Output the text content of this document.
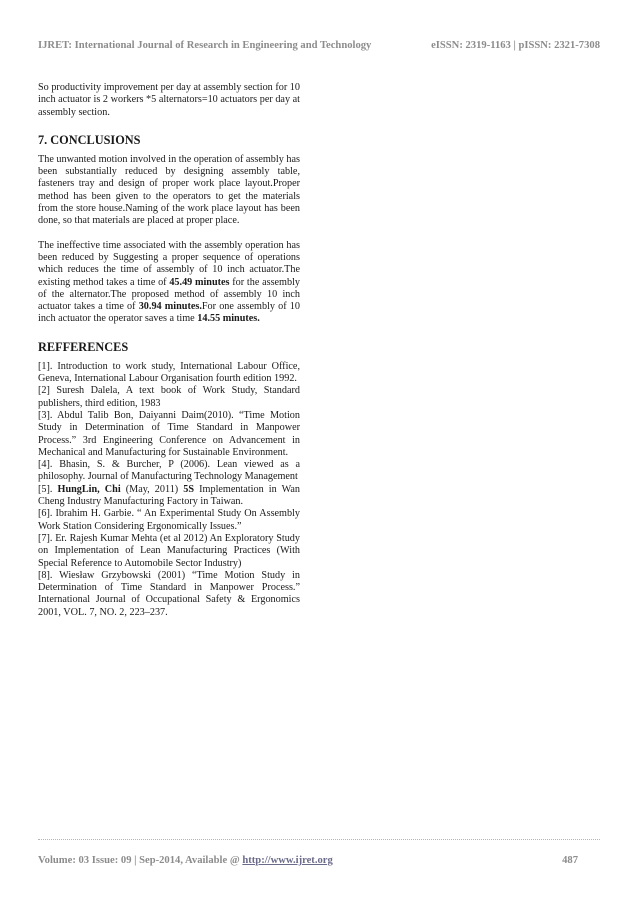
IJRET: International Journal of Research in Engineering and Technology	eISSN: 2319-1163 | pISSN: 2321-7308

So productivity improvement per day at assembly section for 10 inch actuator is 2 workers *5 alternators=10 actuators per day at assembly section.

7. CONCLUSIONS

The unwanted motion involved in the operation of assembly has been substantially reduced by designing assembly table, fasteners tray and design of proper work place layout.Proper method has been given to the operators to get the materials from the store house.Naming of the work place layout has been done, so that materials are placed at proper place.

The ineffective time associated with the assembly operation has been reduced by Suggesting a proper sequence of operations which reduces the time of assembly of 10 inch actuator.The existing method takes a time of 45.49 minutes for the assembly of the alternator.The proposed method of assembly 10 inch actuator takes a time of 30.94 minutes.For one assembly of 10 inch actuator the operator saves a time 14.55 minutes.

REFFERENCES

[1]. Introduction to work study, International Labour Office, Geneva, International Labour Organisation fourth edition 1992.

[2] Suresh Dalela, A text book of Work Study, Standard publishers, third edition, 1983

[3]. Abdul Talib Bon, Daiyanni Daim(2010). “Time Motion Study in Determination of Time Standard in Manpower Process.” 3rd Engineering Conference on Advancement in Mechanical and Manufacturing for Sustainable Environment.

[4]. Bhasin, S. & Burcher, P (2006). Lean viewed as a philosophy. Journal of Manufacturing Technology Management

[5]. HungLin, Chi (May, 2011) 5S Implementation in Wan Cheng Industry Manufacturing Factory in Taiwan.

[6]. Ibrahim H. Garbie. “ An Experimental Study On Assembly Work Station Considering Ergonomically Issues.”

[7]. Er. Rajesh Kumar Mehta (et al 2012) An Exploratory Study on Implementation of Lean Manufacturing Practices (With Special Reference to Automobile Sector Industry)

[8]. Wiesław Grzybowski (2001) “Time Motion Study in Determination of Time Standard in Manpower Process.” International Journal of Occupational Safety & Ergonomics 2001, VOL. 7, NO. 2, 223–237.

Volume: 03 Issue: 09 | Sep-2014, Available @ http://www.ijret.org	487
